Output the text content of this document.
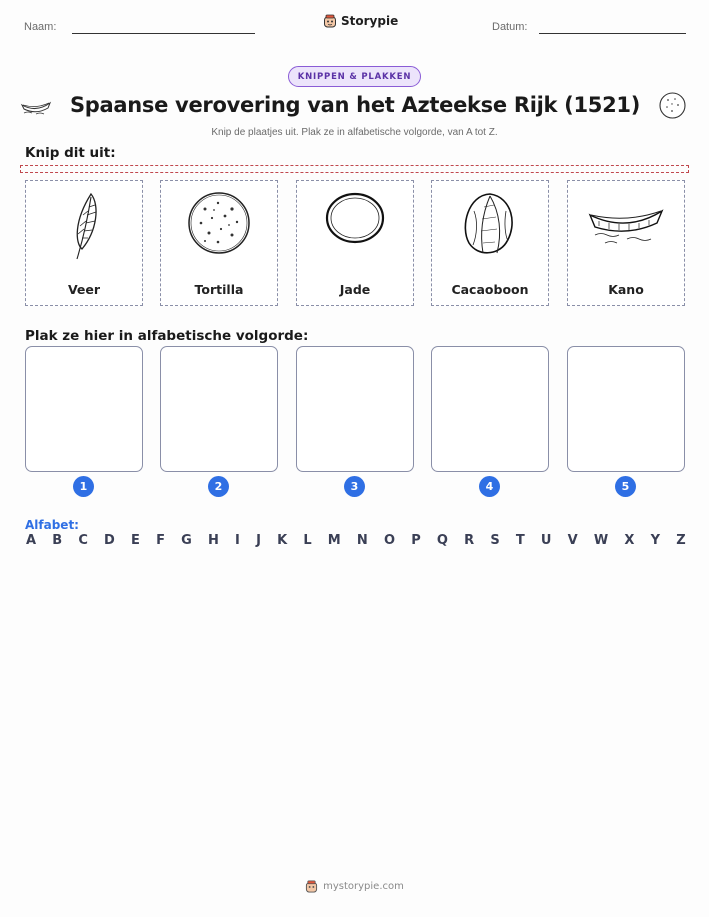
Naam:	Storypie	Datum:
KNIPPEN & PLAKKEN
Spaanse verovering van het Azteekse Rijk (1521)
Knip de plaatjes uit. Plak ze in alfabetische volgorde, van A tot Z.
Knip dit uit:
Veer	Tortilla	Jade	Cacaoboon	Kano
Plak ze hier in alfabetische volgorde:
1	2	3	4	5
Alfabet:
A B C D E F G H I J K L M N O P Q R S T U V W X Y Z
mystorypie.com
